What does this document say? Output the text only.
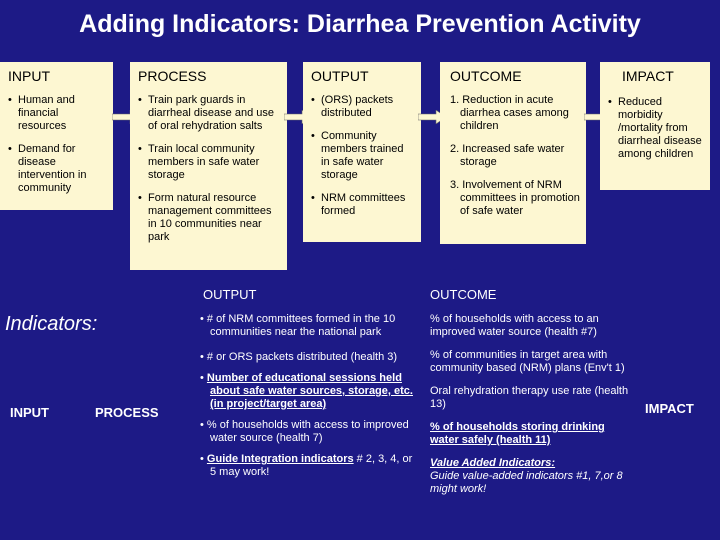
Adding Indicators: Diarrhea Prevention Activity
INPUT
• Human and financial resources
• Demand for disease intervention in community
PROCESS
• Train park guards in diarrheal disease and use of oral rehydration salts
• Train local community members in safe water storage
• Form natural resource management committees in 10 communities near park
OUTPUT
• (ORS) packets distributed
• Community members trained in safe water storage
• NRM committees formed
OUTCOME
1. Reduction in acute diarrhea cases among children
2. Increased safe water storage
3. Involvement of NRM committees in promotion of safe water
IMPACT
• Reduced morbidity /mortality from diarrheal disease among children
Indicators:
INPUT	PROCESS	IMPACT
OUTPUT
• # of NRM committees formed in the 10 communities near the national park
• # or ORS packets distributed (health 3)
• Number of educational sessions held about safe water sources, storage, etc. (in project/target area)
• % of households with access to improved water source (health 7)
• Guide Integration indicators # 2, 3, 4, or 5 may work!
OUTCOME
% of households with access to an improved water source (health #7)
% of communities in target area with community based (NRM) plans (Env't 1)
Oral rehydration therapy use rate (health 13)
% of households storing drinking water safely (health 11)
Value Added Indicators:
Guide value-added indicators #1, 7,or 8 might work!
